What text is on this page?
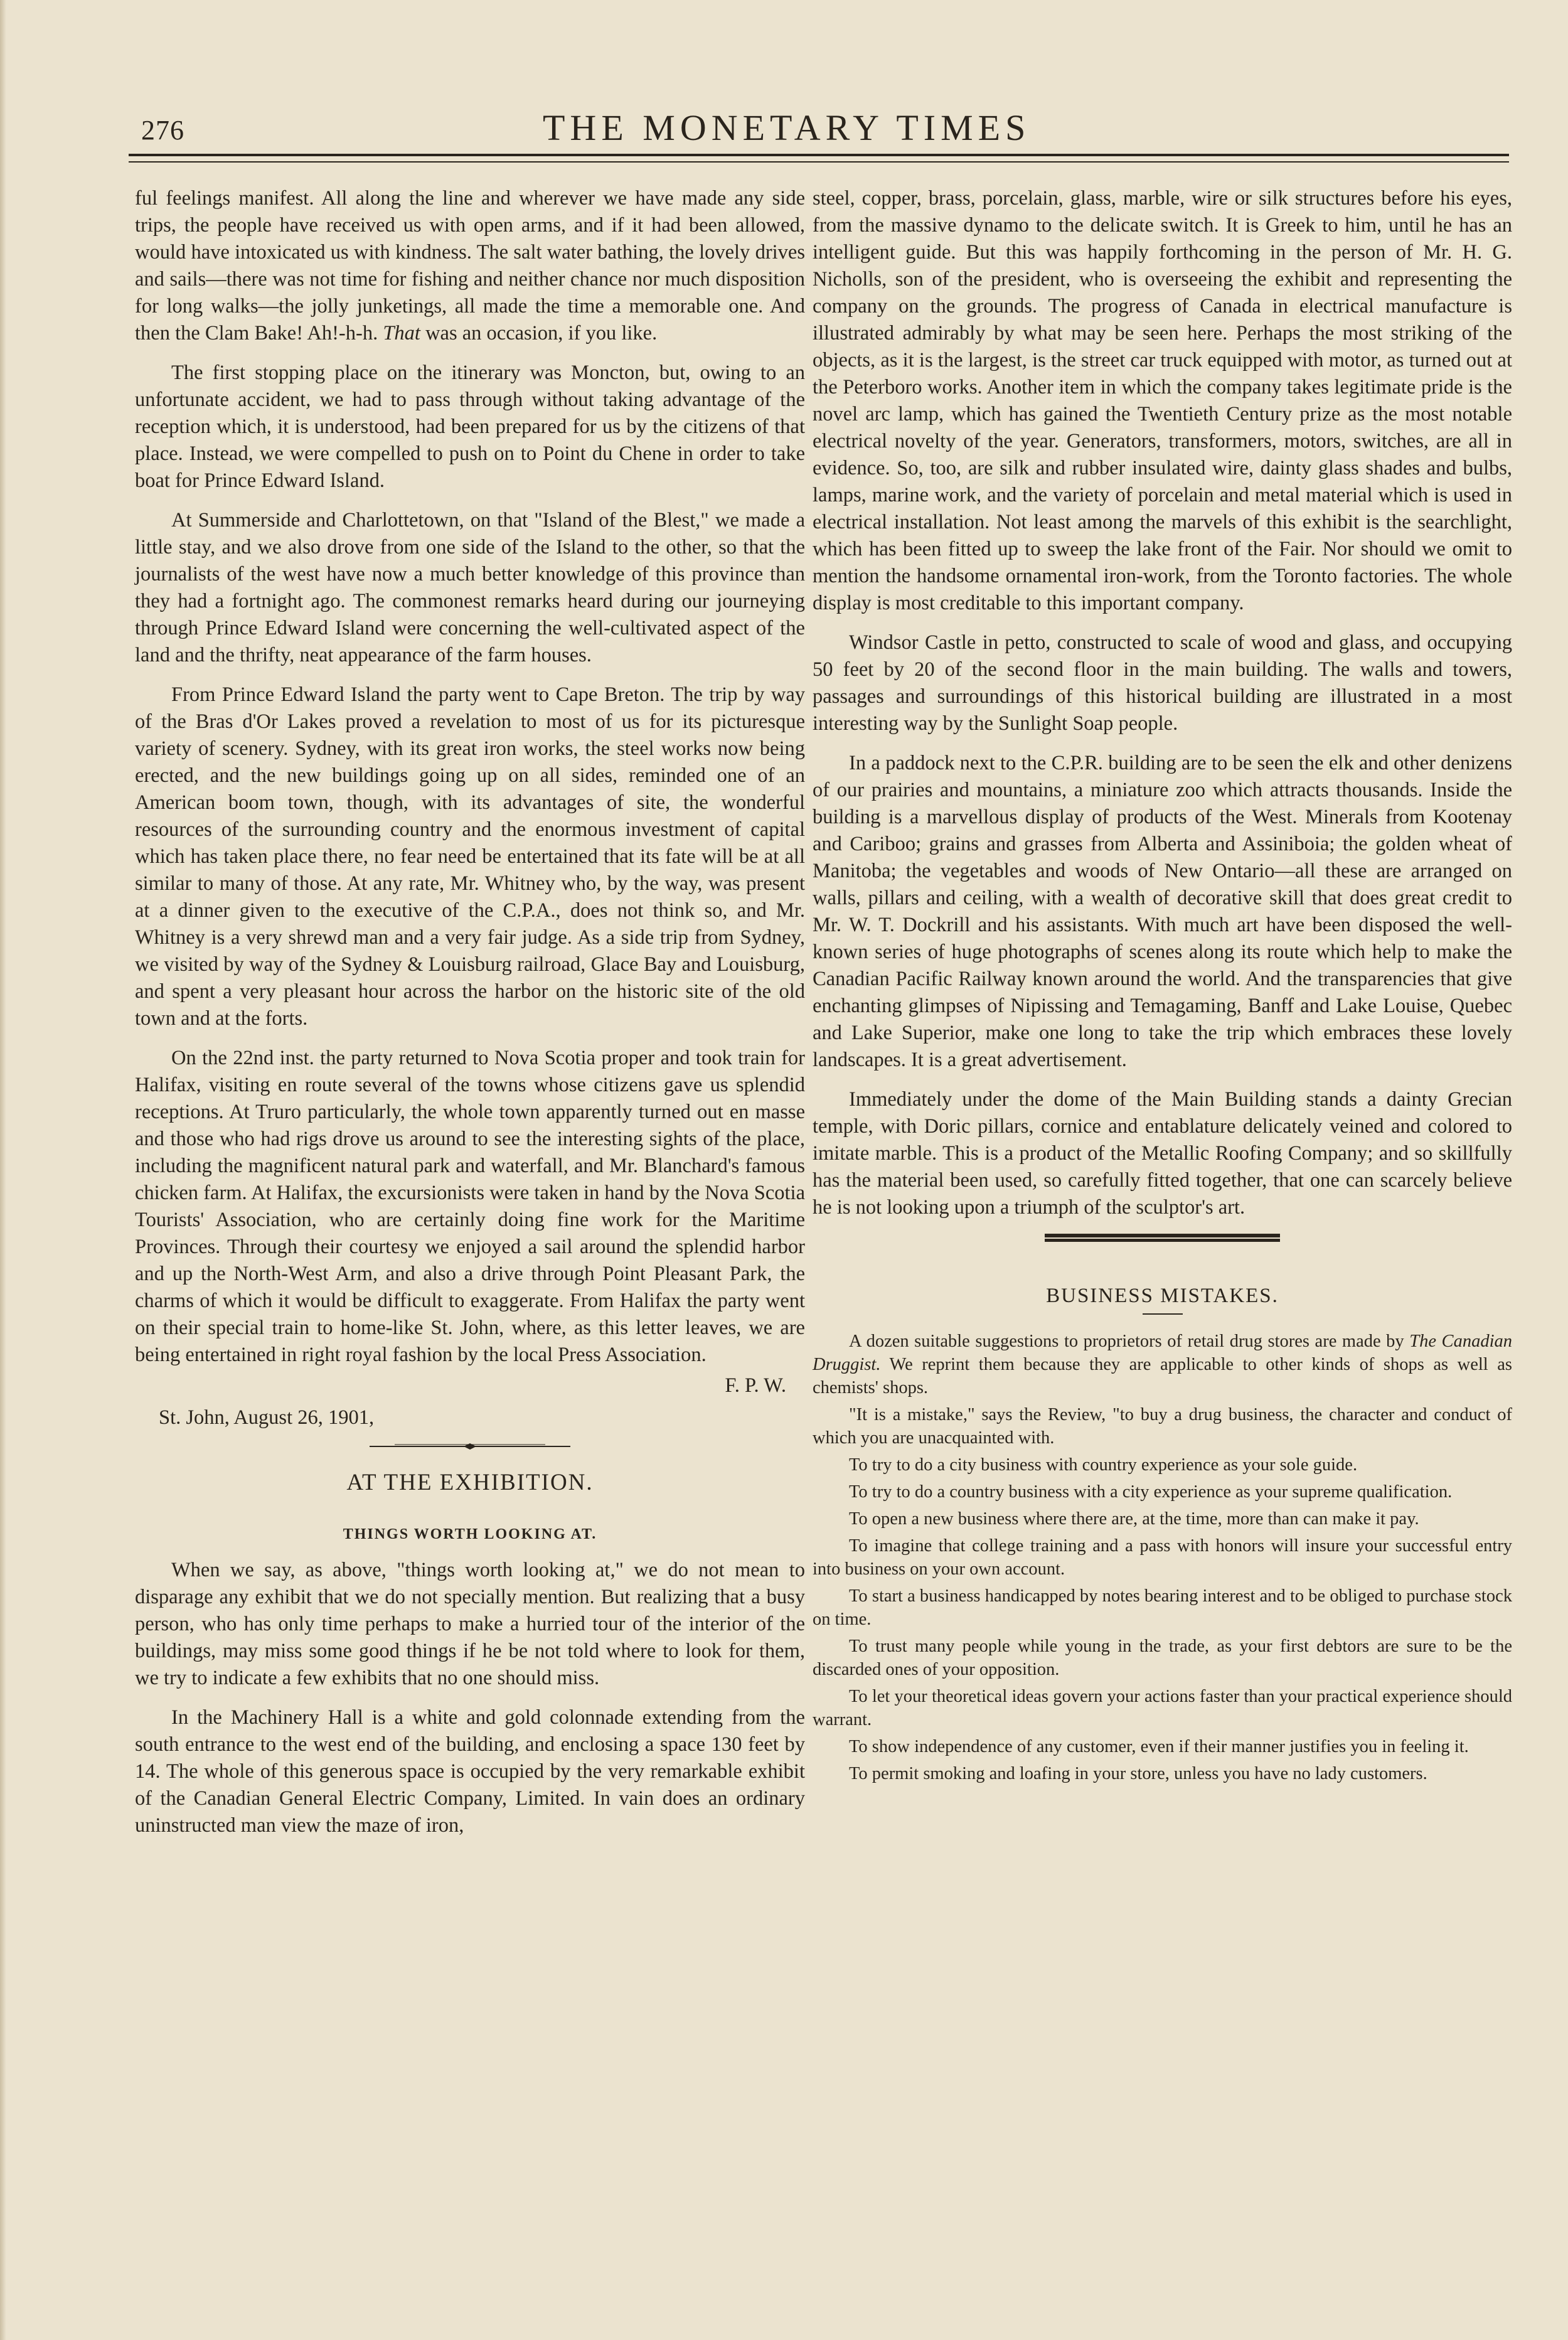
276	THE MONETARY TIMES

ful feelings manifest. All along the line and wherever we have made any side trips, the people have received us with open arms, and if it had been allowed, would have intoxicated us with kindness. The salt water bathing, the lovely drives and sails—there was not time for fishing and neither chance nor much disposition for long walks—the jolly junketings, all made the time a memorable one. And then the Clam Bake! Ah!-h-h. That was an occasion, if you like.

The first stopping place on the itinerary was Moncton, but, owing to an unfortunate accident, we had to pass through without taking advantage of the reception which, it is understood, had been prepared for us by the citizens of that place. Instead, we were compelled to push on to Point du Chene in order to take boat for Prince Edward Island.

At Summerside and Charlottetown, on that "Island of the Blest," we made a little stay, and we also drove from one side of the Island to the other, so that the journalists of the west have now a much better knowledge of this province than they had a fortnight ago. The commonest remarks heard during our journeying through Prince Edward Island were concerning the well-cultivated aspect of the land and the thrifty, neat appearance of the farm houses.

From Prince Edward Island the party went to Cape Breton. The trip by way of the Bras d'Or Lakes proved a revelation to most of us for its picturesque variety of scenery. Sydney, with its great iron works, the steel works now being erected, and the new buildings going up on all sides, reminded one of an American boom town, though, with its advantages of site, the wonderful resources of the surrounding country and the enormous investment of capital which has taken place there, no fear need be entertained that its fate will be at all similar to many of those. At any rate, Mr. Whitney who, by the way, was present at a dinner given to the executive of the C.P.A., does not think so, and Mr. Whitney is a very shrewd man and a very fair judge. As a side trip from Sydney, we visited by way of the Sydney & Louisburg railroad, Glace Bay and Louisburg, and spent a very pleasant hour across the harbor on the historic site of the old town and at the forts.

On the 22nd inst. the party returned to Nova Scotia proper and took train for Halifax, visiting en route several of the towns whose citizens gave us splendid receptions. At Truro particularly, the whole town apparently turned out en masse and those who had rigs drove us around to see the interesting sights of the place, including the magnificent natural park and waterfall, and Mr. Blanchard's famous chicken farm. At Halifax, the excursionists were taken in hand by the Nova Scotia Tourists' Association, who are certainly doing fine work for the Maritime Provinces. Through their courtesy we enjoyed a sail around the splendid harbor and up the North-West Arm, and also a drive through Point Pleasant Park, the charms of which it would be difficult to exaggerate. From Halifax the party went on their special train to home-like St. John, where, as this letter leaves, we are being entertained in right royal fashion by the local Press Association.

F. P. W.
St. John, August 26, 1901,
AT THE EXHIBITION.
THINGS WORTH LOOKING AT.

When we say, as above, "things worth looking at," we do not mean to disparage any exhibit that we do not specially mention. But realizing that a busy person, who has only time perhaps to make a hurried tour of the interior of the buildings, may miss some good things if he be not told where to look for them, we try to indicate a few exhibits that no one should miss.

In the Machinery Hall is a white and gold colonnade extending from the south entrance to the west end of the building, and enclosing a space 130 feet by 14. The whole of this generous space is occupied by the very remarkable exhibit of the Canadian General Electric Company, Limited. In vain does an ordinary uninstructed man view the maze of iron,

steel, copper, brass, porcelain, glass, marble, wire or silk structures before his eyes, from the massive dynamo to the delicate switch. It is Greek to him, until he has an intelligent guide. But this was happily forthcoming in the person of Mr. H. G. Nicholls, son of the president, who is overseeing the exhibit and representing the company on the grounds. The progress of Canada in electrical manufacture is illustrated admirably by what may be seen here. Perhaps the most striking of the objects, as it is the largest, is the street car truck equipped with motor, as turned out at the Peterboro works. Another item in which the company takes legitimate pride is the novel arc lamp, which has gained the Twentieth Century prize as the most notable electrical novelty of the year. Generators, transformers, motors, switches, are all in evidence. So, too, are silk and rubber insulated wire, dainty glass shades and bulbs, lamps, marine work, and the variety of porcelain and metal material which is used in electrical installation. Not least among the marvels of this exhibit is the searchlight, which has been fitted up to sweep the lake front of the Fair. Nor should we omit to mention the handsome ornamental iron-work, from the Toronto factories. The whole display is most creditable to this important company.

Windsor Castle in petto, constructed to scale of wood and glass, and occupying 50 feet by 20 of the second floor in the main building. The walls and towers, passages and surroundings of this historical building are illustrated in a most interesting way by the Sunlight Soap people.

In a paddock next to the C.P.R. building are to be seen the elk and other denizens of our prairies and mountains, a miniature zoo which attracts thousands. Inside the building is a marvellous display of products of the West. Minerals from Kootenay and Cariboo; grains and grasses from Alberta and Assiniboia; the golden wheat of Manitoba; the vegetables and woods of New Ontario—all these are arranged on walls, pillars and ceiling, with a wealth of decorative skill that does great credit to Mr. W. T. Dockrill and his assistants. With much art have been disposed the well-known series of huge photographs of scenes along its route which help to make the Canadian Pacific Railway known around the world. And the transparencies that give enchanting glimpses of Nipissing and Temagaming, Banff and Lake Louise, Quebec and Lake Superior, make one long to take the trip which embraces these lovely landscapes. It is a great advertisement.

Immediately under the dome of the Main Building stands a dainty Grecian temple, with Doric pillars, cornice and entablature delicately veined and colored to imitate marble. This is a product of the Metallic Roofing Company; and so skillfully has the material been used, so carefully fitted together, that one can scarcely believe he is not looking upon a triumph of the sculptor's art.

BUSINESS MISTAKES.

A dozen suitable suggestions to proprietors of retail drug stores are made by The Canadian Druggist. We reprint them because they are applicable to other kinds of shops as well as chemists' shops.

"It is a mistake," says the Review, "to buy a drug business, the character and conduct of which you are unacquainted with.

To try to do a city business with country experience as your sole guide.

To try to do a country business with a city experience as your supreme qualification.

To open a new business where there are, at the time, more than can make it pay.

To imagine that college training and a pass with honors will insure your successful entry into business on your own account.

To start a business handicapped by notes bearing interest and to be obliged to purchase stock on time.

To trust many people while young in the trade, as your first debtors are sure to be the discarded ones of your opposition.

To let your theoretical ideas govern your actions faster than your practical experience should warrant.

To show independence of any customer, even if their manner justifies you in feeling it.

To permit smoking and loafing in your store, unless you have no lady customers.
